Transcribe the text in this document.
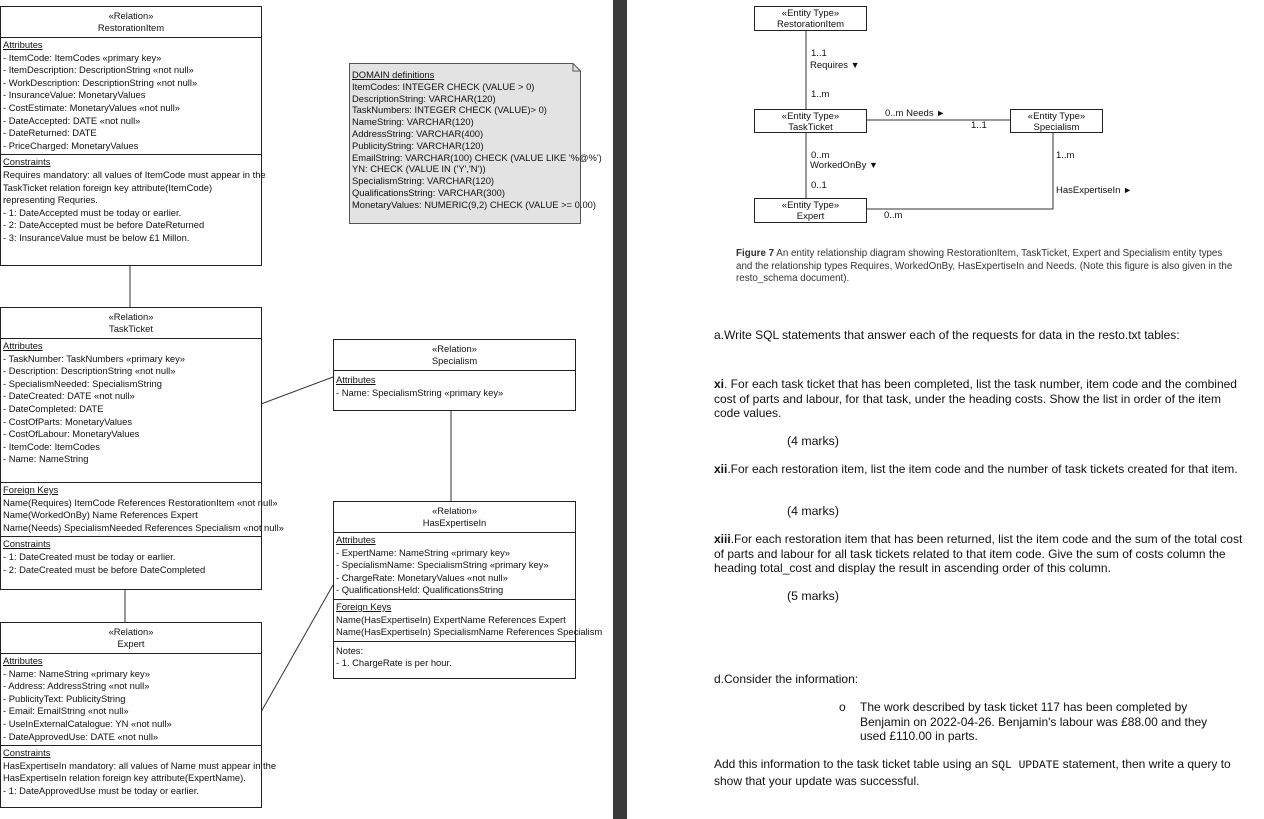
«Relation»
RestorationItem
Attributes
- ItemCode: ItemCodes «primary key»
- ItemDescription: DescriptionString «not null»
- WorkDescription: DescriptionString «not null»
- InsuranceValue: MonetaryValues
- CostEstimate: MonetaryValues «not null»
- DateAccepted: DATE «not null»
- DateReturned: DATE
- PriceCharged: MonetaryValues
Constraints
Requires mandatory: all values of ItemCode must appear in the
TaskTicket relation foreign key attribute(ItemCode)
representing Requries.
- 1: DateAccepted must be today or earlier.
- 2: DateAccepted must be before DateReturned
- 3: InsuranceValue must be below £1 Millon.
DOMAIN definitions
ItemCodes: INTEGER CHECK (VALUE > 0)
DescriptionString: VARCHAR(120)
TaskNumbers: INTEGER CHECK (VALUE)> 0)
NameString: VARCHAR(120)
AddressString: VARCHAR(400)
PublicityString: VARCHAR(120)
EmailString: VARCHAR(100) CHECK (VALUE LIKE '%@%')
YN: CHECK (VALUE IN ('Y','N'))
SpecialismString: VARCHAR(120)
QualificationsString: VARCHAR(300)
MonetaryValues: NUMERIC(9,2) CHECK (VALUE >= 0.00)
«Relation»
TaskTicket
Attributes
- TaskNumber: TaskNumbers «primary key»
- Description: DescriptionString «not null»
- SpecialismNeeded: SpecialismString
- DateCreated: DATE «not null»
- DateCompleted: DATE
- CostOfParts: MonetaryValues
- CostOfLabour: MonetaryValues
- ItemCode: ItemCodes
- Name: NameString
Foreign Keys
Name(Requires) ItemCode References RestorationItem «not null»
Name(WorkedOnBy) Name References Expert
Name(Needs) SpecialismNeeded References Specialism «not null»
Constraints
- 1: DateCreated must be today or earlier.
- 2: DateCreated must be before DateCompleted
«Relation»
Specialism
Attributes
- Name: SpecialismString «primary key»
«Relation»
HasExpertiseIn
Attributes
- ExpertName: NameString «primary key»
- SpecialismName: SpecialismString «primary key»
- ChargeRate: MonetaryValues «not null»
- QualificationsHeld: QualificationsString
Foreign Keys
Name(HasExpertiseIn) ExpertName References Expert
Name(HasExpertiseIn) SpecialismName References Specialism
Notes:
- 1. ChargeRate is per hour.
«Relation»
Expert
Attributes
- Name: NameString «primary key»
- Address: AddressString «not null»
- PublicityText: PublicityString
- Email: EmailString «not null»
- UseInExternalCatalogue: YN «not null»
- DateApprovedUse: DATE «not null»
Constraints
HasExpertiseIn mandatory: all values of Name must appear in the
HasExpertiseIn relation foreign key attribute(ExpertName).
- 1: DateApprovedUse must be today or earlier.
«Entity Type»
RestorationItem
«Entity Type»
TaskTicket
«Entity Type»
Specialism
«Entity Type»
Expert
1..1
Requires ▼
1..m
0..m Needs ►
1..1
0..m
WorkedOnBy ▼
0..1
1..m
HasExpertiseIn ►
0..m
Figure 7 An entity relationship diagram showing RestorationItem, TaskTicket, Expert and Specialism entity types and the relationship types Requires, WorkedOnBy, HasExpertiseIn and Needs. (Note this figure is also given in the resto_schema document).
a.Write SQL statements that answer each of the requests for data in the resto.txt tables:
xi. For each task ticket that has been completed, list the task number, item code and the combined cost of parts and labour, for that task, under the heading costs. Show the list in order of the item code values.
(4 marks)
xii.For each restoration item, list the item code and the number of task tickets created for that item.
(4 marks)
xiii.For each restoration item that has been returned, list the item code and the sum of the total cost of parts and labour for all task tickets related to that item code. Give the sum of costs column the heading total_cost and display the result in ascending order of this column.
(5 marks)
d.Consider the information:
o The work described by task ticket 117 has been completed by Benjamin on 2022-04-26. Benjamin's labour was £88.00 and they used £110.00 in parts.
Add this information to the task ticket table using an SQL UPDATE statement, then write a query to show that your update was successful.
